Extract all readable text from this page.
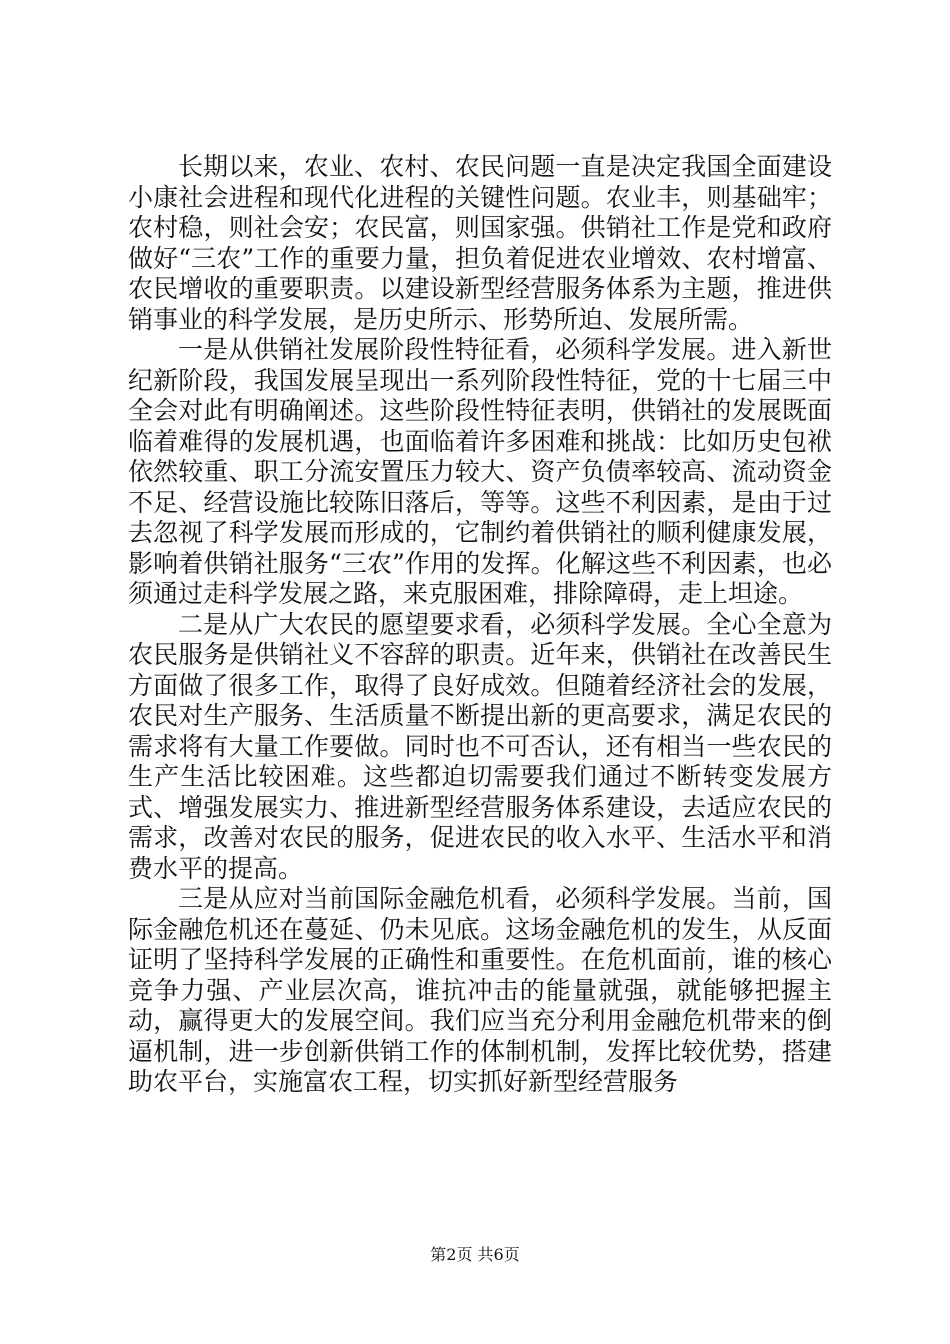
长期以来，农业、农村、农民问题一直是决定我国全面建设小康社会进程和现代化进程的关键性问题。农业丰，则基础牢；农村稳，则社会安；农民富，则国家强。供销社工作是党和政府做好“三农”工作的重要力量，担负着促进农业增效、农村增富、农民增收的重要职责。以建设新型经营服务体系为主题，推进供销事业的科学发展，是历史所示、形势所迫、发展所需。

一是从供销社发展阶段性特征看，必须科学发展。进入新世纪新阶段，我国发展呈现出一系列阶段性特征，党的十七届三中全会对此有明确阐述。这些阶段性特征表明，供销社的发展既面临着难得的发展机遇，也面临着许多困难和挑战：比如历史包袱依然较重、职工分流安置压力较大、资产负债率较高、流动资金不足、经营设施比较陈旧落后，等等。这些不利因素，是由于过去忽视了科学发展而形成的，它制约着供销社的顺利健康发展，影响着供销社服务“三农”作用的发挥。化解这些不利因素，也必须通过走科学发展之路，来克服困难，排除障碍，走上坦途。

二是从广大农民的愿望要求看，必须科学发展。全心全意为农民服务是供销社义不容辞的职责。近年来，供销社在改善民生方面做了很多工作，取得了良好成效。但随着经济社会的发展，农民对生产服务、生活质量不断提出新的更高要求，满足农民的需求将有大量工作要做。同时也不可否认，还有相当一些农民的生产生活比较困难。这些都迫切需要我们通过不断转变发展方式、增强发展实力、推进新型经营服务体系建设，去适应农民的需求，改善对农民的服务，促进农民的收入水平、生活水平和消费水平的提高。

三是从应对当前国际金融危机看，必须科学发展。当前，国际金融危机还在蔓延、仍未见底。这场金融危机的发生，从反面证明了坚持科学发展的正确性和重要性。在危机面前，谁的核心竞争力强、产业层次高，谁抗冲击的能量就强，就能够把握主动，赢得更大的发展空间。我们应当充分利用金融危机带来的倒逼机制，进一步创新供销工作的体制机制，发挥比较优势，搭建助农平台，实施富农工程，切实抓好新型经营服务

第2页 共6页
